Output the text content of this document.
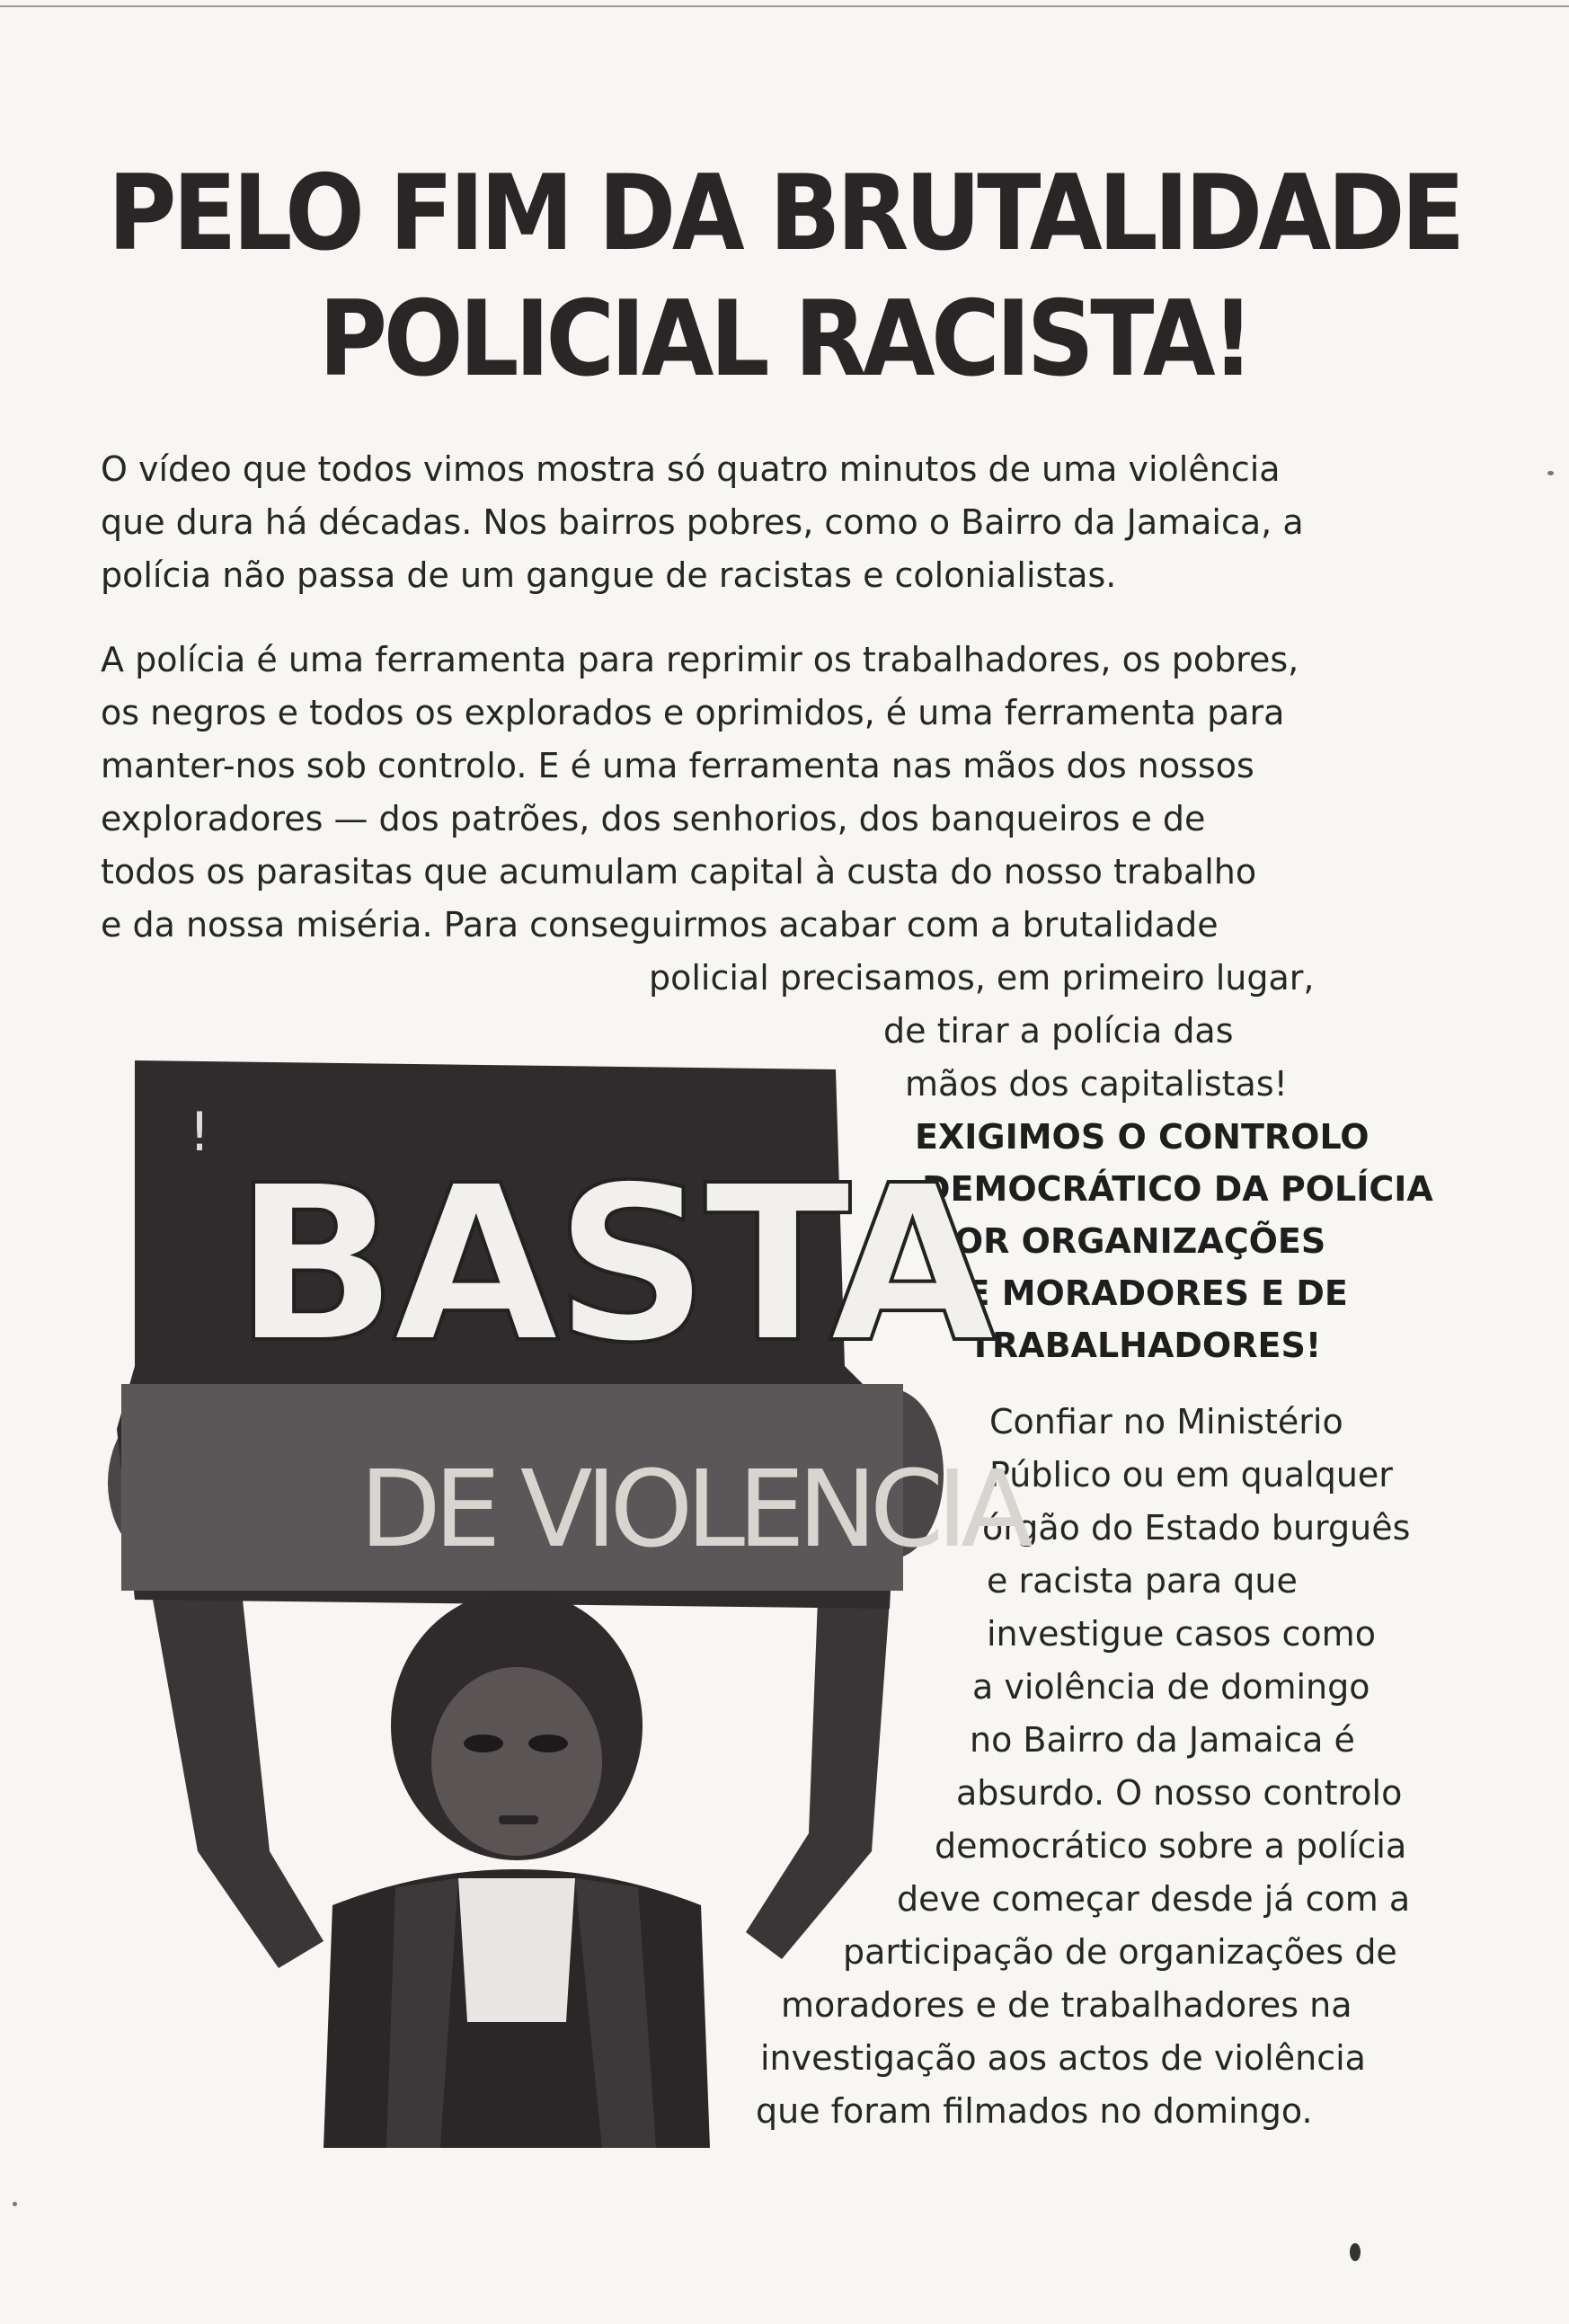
PELO FIM DA BRUTALIDADE
POLICIAL RACISTA!
O vídeo que todos vimos mostra só quatro minutos de uma violência
que dura há décadas. Nos bairros pobres, como o Bairro da Jamaica, a
polícia não passa de um gangue de racistas e colonialistas.
A polícia é uma ferramenta para reprimir os trabalhadores, os pobres,
os negros e todos os explorados e oprimidos, é uma ferramenta para
manter-nos sob controlo. E é uma ferramenta nas mãos dos nossos
exploradores — dos patrões, dos senhorios, dos banqueiros e de
todos os parasitas que acumulam capital à custa do nosso trabalho
e da nossa miséria. Para conseguirmos acabar com a brutalidade
policial precisamos, em primeiro lugar,
de tirar a polícia das
mãos dos capitalistas!
EXIGIMOS O CONTROLO
DEMOCRÁTICO DA POLÍCIA
POR ORGANIZAÇÕES
DE MORADORES E DE
TRABALHADORES!
Confiar no Ministério
Público ou em qualquer
órgão do Estado burguês
e racista para que
investigue casos como
a violência de domingo
no Bairro da Jamaica é
absurdo. O nosso controlo
democrático sobre a polícia
deve começar desde já com a
participação de organizações de
moradores e de trabalhadores na
investigação aos actos de violência
que foram filmados no domingo.
!
BASTA
DE VIOLENCIA
